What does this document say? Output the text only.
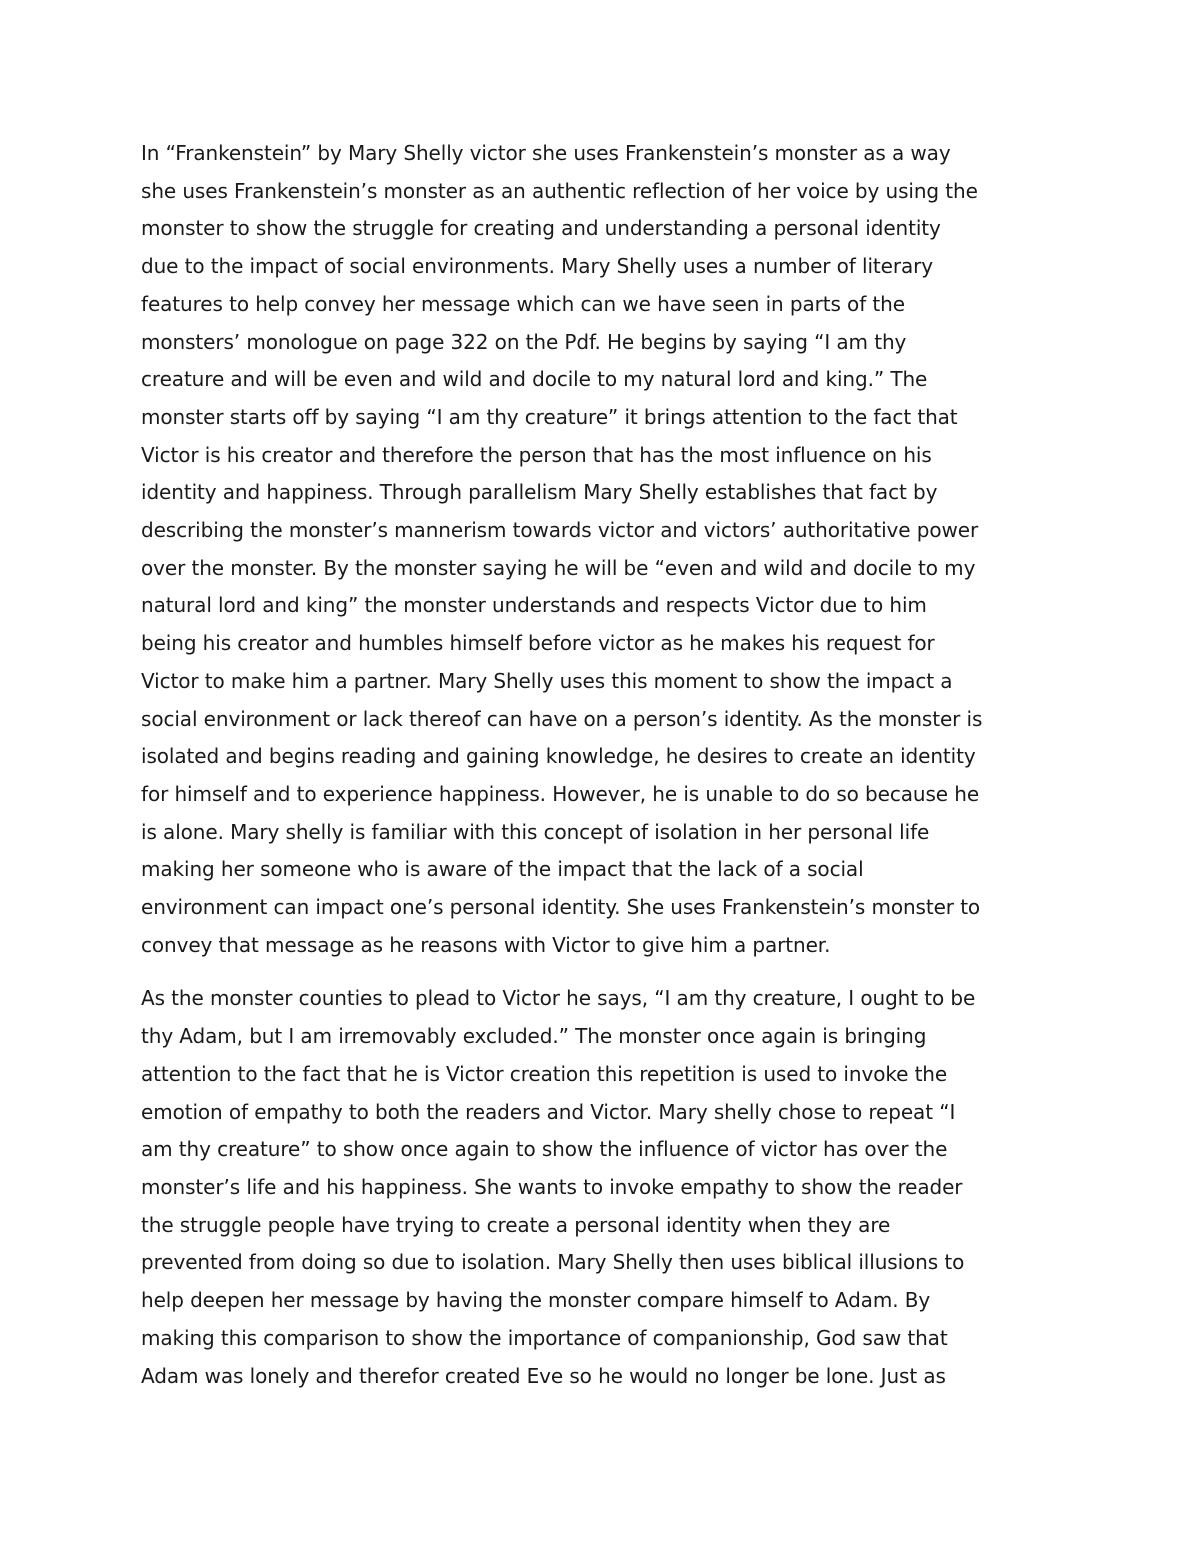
In “Frankenstein” by Mary Shelly victor she uses Frankenstein’s monster as a way
she uses Frankenstein’s monster as an authentic reflection of her voice by using the
monster to show the struggle for creating and understanding a personal identity
due to the impact of social environments. Mary Shelly uses a number of literary
features to help convey her message which can we have seen in parts of the
monsters’ monologue on page 322 on the Pdf. He begins by saying “I am thy
creature and will be even and wild and docile to my natural lord and king.” The
monster starts off by saying “I am thy creature” it brings attention to the fact that
Victor is his creator and therefore the person that has the most influence on his
identity and happiness. Through parallelism Mary Shelly establishes that fact by
describing the monster’s mannerism towards victor and victors’ authoritative power
over the monster. By the monster saying he will be “even and wild and docile to my
natural lord and king” the monster understands and respects Victor due to him
being his creator and humbles himself before victor as he makes his request for
Victor to make him a partner. Mary Shelly uses this moment to show the impact a
social environment or lack thereof can have on a person’s identity. As the monster is
isolated and begins reading and gaining knowledge, he desires to create an identity
for himself and to experience happiness. However, he is unable to do so because he
is alone. Mary shelly is familiar with this concept of isolation in her personal life
making her someone who is aware of the impact that the lack of a social
environment can impact one’s personal identity. She uses Frankenstein’s monster to
convey that message as he reasons with Victor to give him a partner.

As the monster counties to plead to Victor he says, “I am thy creature, I ought to be
thy Adam, but I am irremovably excluded.” The monster once again is bringing
attention to the fact that he is Victor creation this repetition is used to invoke the
emotion of empathy to both the readers and Victor. Mary shelly chose to repeat “I
am thy creature” to show once again to show the influence of victor has over the
monster’s life and his happiness. She wants to invoke empathy to show the reader
the struggle people have trying to create a personal identity when they are
prevented from doing so due to isolation. Mary Shelly then uses biblical illusions to
help deepen her message by having the monster compare himself to Adam. By
making this comparison to show the importance of companionship, God saw that
Adam was lonely and therefor created Eve so he would no longer be lone. Just as
